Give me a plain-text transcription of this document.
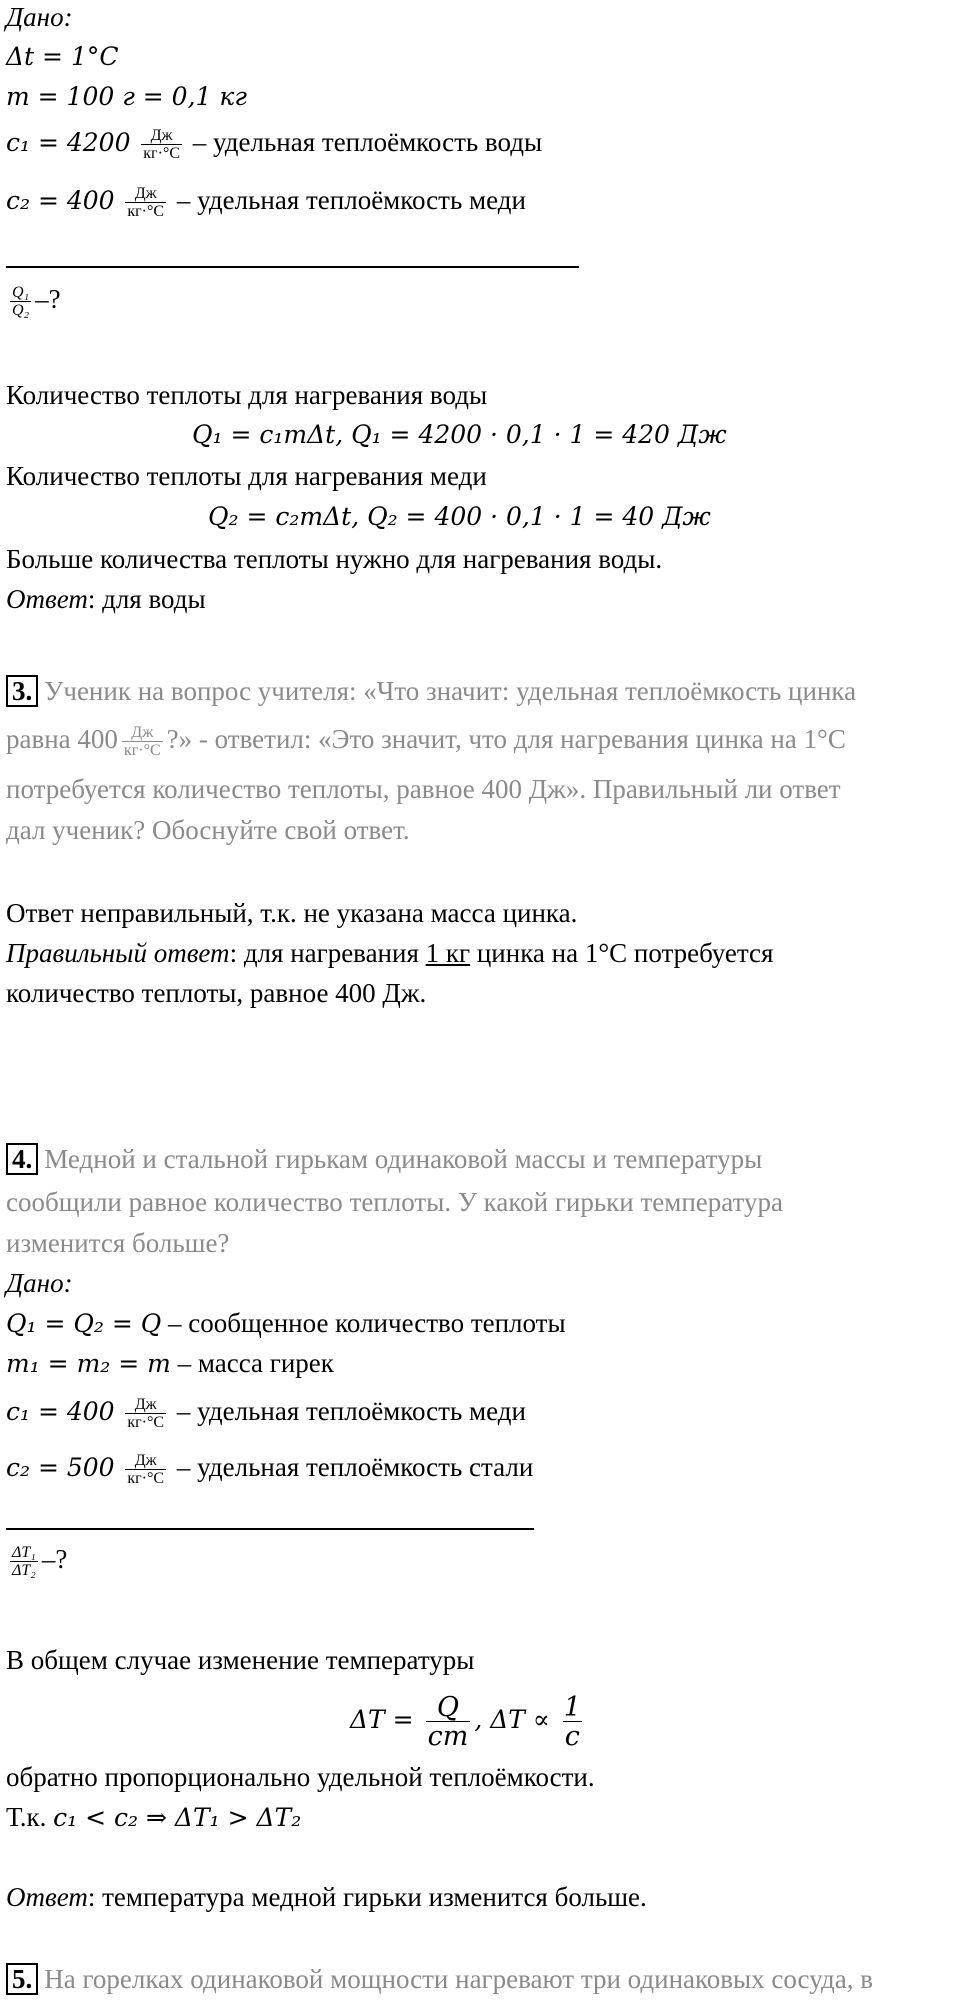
Дано:
Δt = 1°C
m = 100 г = 0,1 кг
$c_1 = 4200 \frac{Дж}{кг\cdot^\circ C}$ – удельная теплоёмкость воды
$c_2 = 400 \frac{Дж}{кг\cdot^\circ C}$ – удельная теплоёмкость меди
$\frac{\text{Q₁}}{\text{Q₂}}$ –?
Количество теплоты для нагревания воды
Q₁ = c₁mΔt, Q₁ = 4200 · 0,1 · 1 = 420 Дж
Количество теплоты для нагревания меди
Q₂ = c₂mΔt, Q₂ = 400 · 0,1 · 1 = 40 Дж
Больше количества теплоты нужно для нагревания воды.
Ответ: для воды
3. Ученик на вопрос учителя: «Что значит: удельная теплоёмкость цинка
равна $400 \frac{Дж}{кг\cdot^\circ C}$ ?» - ответил: «Это значит, что для нагревания цинка на 1°C
потребуется количество теплоты, равное 400 Дж». Правильный ли ответ
дал ученик? Обоснуйте свой ответ.
Ответ неправильный, т.к. не указана масса цинка.
Правильный ответ: для нагревания 1 кг цинка на 1°C потребуется
количество теплоты, равное 400 Дж.
4. Медной и стальной гирькам одинаковой массы и температуры
сообщили равное количество теплоты. У какой гирьки температура
изменится больше?
Дано:
Q₁ = Q₂ = Q – сообщенное количество теплоты
m₁ = m₂ = m – масса гирек
$c_1 = 400 \frac{Дж}{кг\cdot^\circ C}$ – удельная теплоёмкость меди
$c_2 = 500 \frac{Дж}{кг\cdot^\circ C}$ – удельная теплоёмкость стали
$\frac{\text{ΔT₁}}{\text{ΔT₂}}$ –?
В общем случае изменение температуры
$\Delta T = \frac{Q}{cm}$ , $\Delta T \propto \frac{1}{c}$
обратно пропорционально удельной теплоёмкости.
Т.к. c₁ < c₂ ⇒ ΔT₁ > ΔT₂
Ответ: температура медной гирьки изменится больше.
5. На горелках одинаковой мощности нагревают три одинаковых сосуда, в
